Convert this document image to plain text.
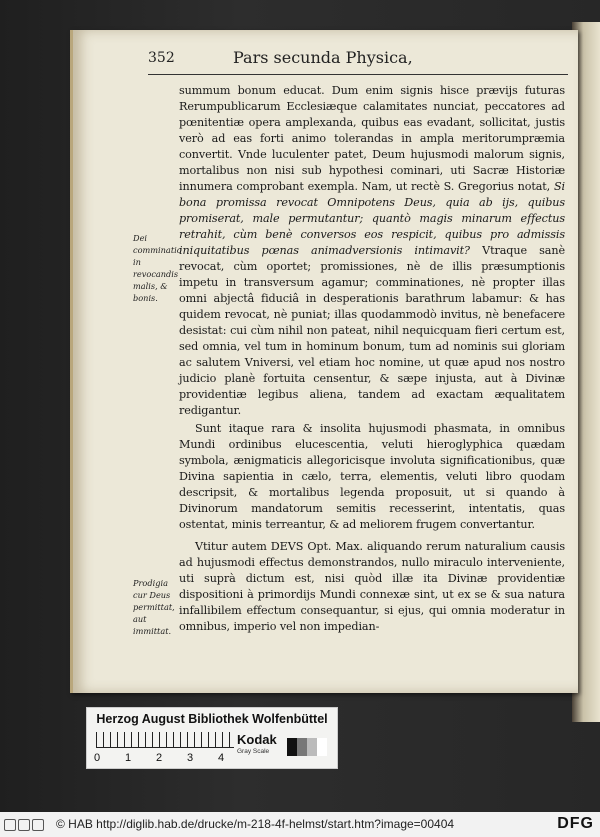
352	Pars secunda Physica,

summum bonum educat. Dum enim signis hisce prævijs futuras Rerumpublicarum Ecclesiæque calamitates nunciat, peccatores ad pœnitentiæ opera amplexanda, quibus eas evadant, sollicitat, justis verò ad eas forti animo tolerandas in ampla meritorumpræmia convertit. Vnde luculenter patet, Deum hujusmodi malorum signis, mortalibus non nisi sub hypothesi cominari, uti Sacræ Historiæ innumera comprobant exempla. Nam, ut rectè S. Gregorius notat, Si bona promissa revocat Omnipotens Deus, quia ab ijs, quibus promiserat, male permutantur; quantò magis minarum effectus retrahit, cùm benè conversos eos respicit, quibus pro admissis iniquitatibus pœnas animadversionis intimavit? Vtraque sanè revocat, cùm oportet; promissiones, nè de illis præsumptionis impetu in transversum agamur; comminationes, nè propter illas omni abjectâ fiduciâ in desperationis barathrum labamur: & has quidem revocat, nè puniat; illas quodammodò invitus, nè benefacere desistat: cui cùm nihil non pateat, nihil nequicquam fieri certum est, sed omnia, vel tum in hominum bonum, tum ad nominis sui gloriam ac salutem Vniversi, vel etiam hoc nomine, ut quæ apud nos nostro judicio planè fortuita censentur, & sæpe injusta, aut à Divinæ providentiæ legibus aliena, tandem ad exactam æqualitatem redigantur.

Sunt itaque rara & insolita hujusmodi phasmata, in omnibus Mundi ordinibus elucescentia, veluti hieroglyphica quædam symbola, ænigmaticis allegoricisque involuta significationibus, quæ Divina sapientia in cælo, terra, elementis, veluti libro quodam descripsit, & mortalibus legenda proposuit, ut si quando à Divinorum mandatorum semitis recesserint, intentatis, quas ostentat, minis terreantur, & ad meliorem frugem convertantur.

Vtitur autem DEVS Opt. Max. aliquando rerum naturalium causis ad hujusmodi effectus demonstrandos, nullo miraculo interveniente, uti suprà dictum est, nisi quòd illæ ita Divinæ providentiæ dispositioni à primordijs Mundi connexæ sint, ut ex se & sua natura infallibilem effectum consequantur, si ejus, qui omnia moderatur in omnibus, imperio vel non impedian-

Dei comminatio in revocandis malis, & bonis.
Prodigia cur Deus permittat, aut immittat.
Herzog August Bibliothek Wolfenbüttel
0 1 2 3 4
Kodak
Gray Scale
© HAB http://diglib.hab.de/drucke/m-218-4f-helmst/start.htm?image=00404	DFG
